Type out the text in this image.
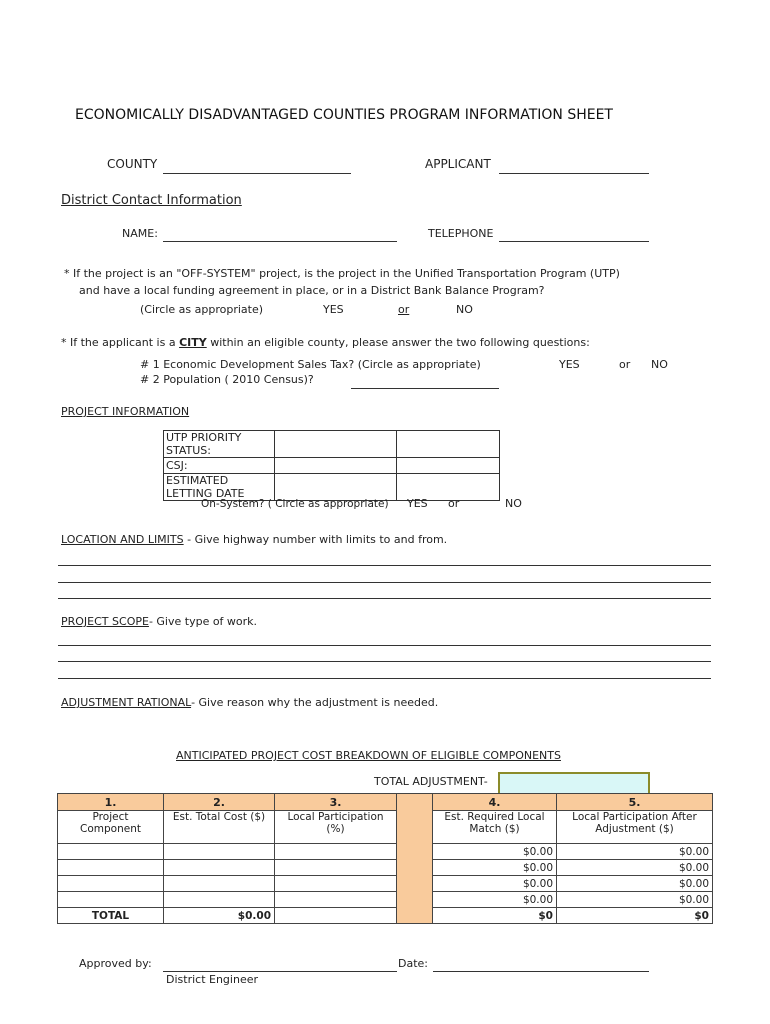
ECONOMICALLY DISADVANTAGED COUNTIES PROGRAM INFORMATION SHEET
COUNTY	APPLICANT
District Contact Information
NAME:	TELEPHONE
* If the project is an "OFF-SYSTEM" project, is the project in the Unified Transportation Program (UTP)
and have a local funding agreement in place, or in a District Bank Balance Program?
(Circle as appropriate)	YES	or	NO
* If the applicant is a CITY within an eligible county, please answer the two following questions:
# 1 Economic Development Sales Tax? (Circle as appropriate)	YES	or NO
# 2 Population ( 2010 Census)?
PROJECT INFORMATION
UTP PRIORITY STATUS:		
CSJ:		
ESTIMATED LETTING DATE		
On-System? ( Circle as appropriate) YES or	NO
LOCATION AND LIMITS - Give highway number with limits to and from.
PROJECT SCOPE- Give type of work.
ADJUSTMENT RATIONAL- Give reason why the adjustment is needed.
ANTICIPATED PROJECT COST BREAKDOWN OF ELIGIBLE COMPONENTS
TOTAL ADJUSTMENT-
1.	2.	3.		4.	5.
Project Component	Est. Total Cost ($)	Local Participation (%)		Est. Required Local Match ($)	Local Participation After Adjustment ($)
				$0.00	$0.00
				$0.00	$0.00
				$0.00	$0.00
				$0.00	$0.00
TOTAL	$0.00			$0	$0
Approved by:	Date:
District Engineer
